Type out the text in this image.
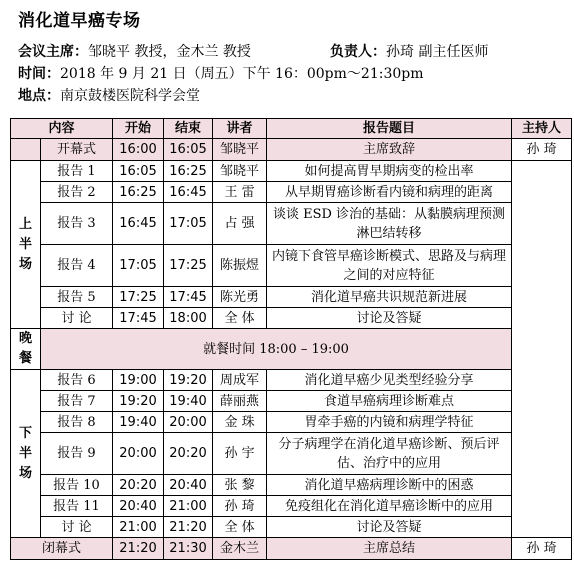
消化道早癌专场
会议主席：邹晓平 教授，金木兰 教授	负责人：孙琦 副主任医师
时间：2018 年 9 月 21 日（周五）下午 16：00pm～21:30pm
地点：南京鼓楼医院科学会堂
内容		开始	结束	讲者	报告题目	主持人
	开幕式	16:00	16:05	邹晓平	主席致辞	孙 琦
上
半
场	报告 1	16:05	16:25	邹晓平	如何提高胃早期病变的检出率	
	报告 2	16:25	16:45	王 雷	从早期胃癌诊断看内镜和病理的距离	
	报告 3	16:45	17:05	占 强	谈谈 ESD 诊治的基础：从黏膜病理预测淋巴结转移	
	报告 4	17:05	17:25	陈振煜	内镜下食管早癌诊断模式、思路及与病理之间的对应特征	
	报告 5	17:25	17:45	陈光勇	消化道早癌共识规范新进展	
	讨 论	17:45	18:00	全 体	讨论及答疑	
晚
餐	就餐时间 18:00 – 19:00					
下
半
场	报告 6	19:00	19:20	周成军	消化道早癌少见类型经验分享	
	报告 7	19:20	19:40	薛丽燕	食道早癌病理诊断难点	
	报告 8	19:40	20:00	金 珠	胃牵手癌的内镜和病理学特征	
	报告 9	20:00	20:20	孙 宇	分子病理学在消化道早癌诊断、预后评估、治疗中的应用	
	报告 10	20:20	20:40	张 黎	消化道早癌病理诊断中的困惑	
	报告 11	20:40	21:00	孙 琦	免疫组化在消化道早癌诊断中的应用	
	讨 论	21:00	21:20	全 体	讨论及答疑	
闭幕式		21:20	21:30	金木兰	主席总结	孙 琦
